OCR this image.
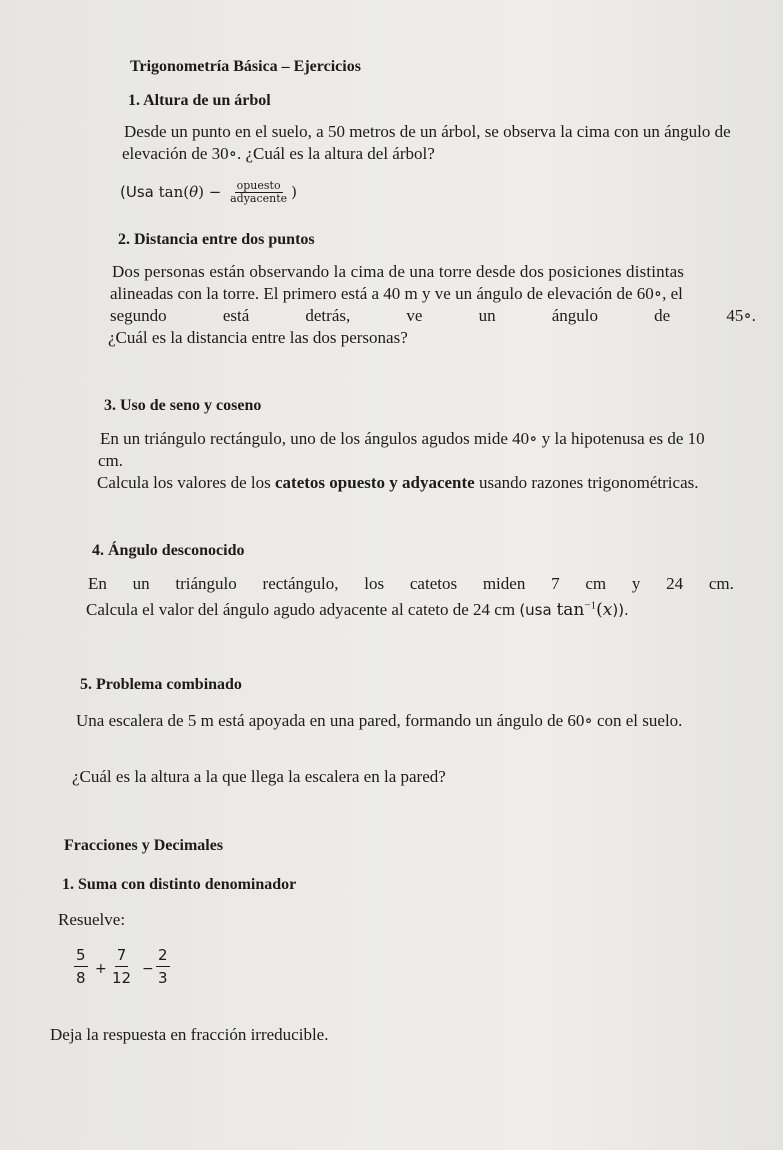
Trigonometría Básica – Ejercicios
1. Altura de un árbol
Desde un punto en el suelo, a 50 metros de un árbol, se observa la cima con un ángulo de
elevación de 30∘. ¿Cuál es la altura del árbol?
(Usa $\tan(\theta) - \frac{\text{opuesto}}{\text{adyacente}}$ )
2. Distancia entre dos puntos
Dos personas están observando la cima de una torre desde dos posiciones distintas
alineadas con la torre. El primero está a 40 m y ve un ángulo de elevación de 60∘, el
segundo	está	detrás,	ve	un	ángulo	de	45∘.
¿Cuál es la distancia entre las dos personas?
3. Uso de seno y coseno
En un triángulo rectángulo, uno de los ángulos agudos mide 40∘ y la hipotenusa es de 10
cm.
Calcula los valores de los catetos opuesto y adyacente usando razones trigonométricas.
4. Ángulo desconocido
En un triángulo rectángulo, los catetos miden 7 cm y 24 cm.
Calcula el valor del ángulo agudo adyacente al cateto de 24 cm (usa $\tan^{-1}(x)$).
5. Problema combinado
Una escalera de 5 m está apoyada en una pared, formando un ángulo de 60∘ con el suelo.
¿Cuál es la altura a la que llega la escalera en la pared?
Fracciones y Decimales
1. Suma con distinto denominador
Resuelve:
$\frac{5}{8} + \frac{7}{12} - \frac{2}{3}$
Deja la respuesta en fracción irreducible.
